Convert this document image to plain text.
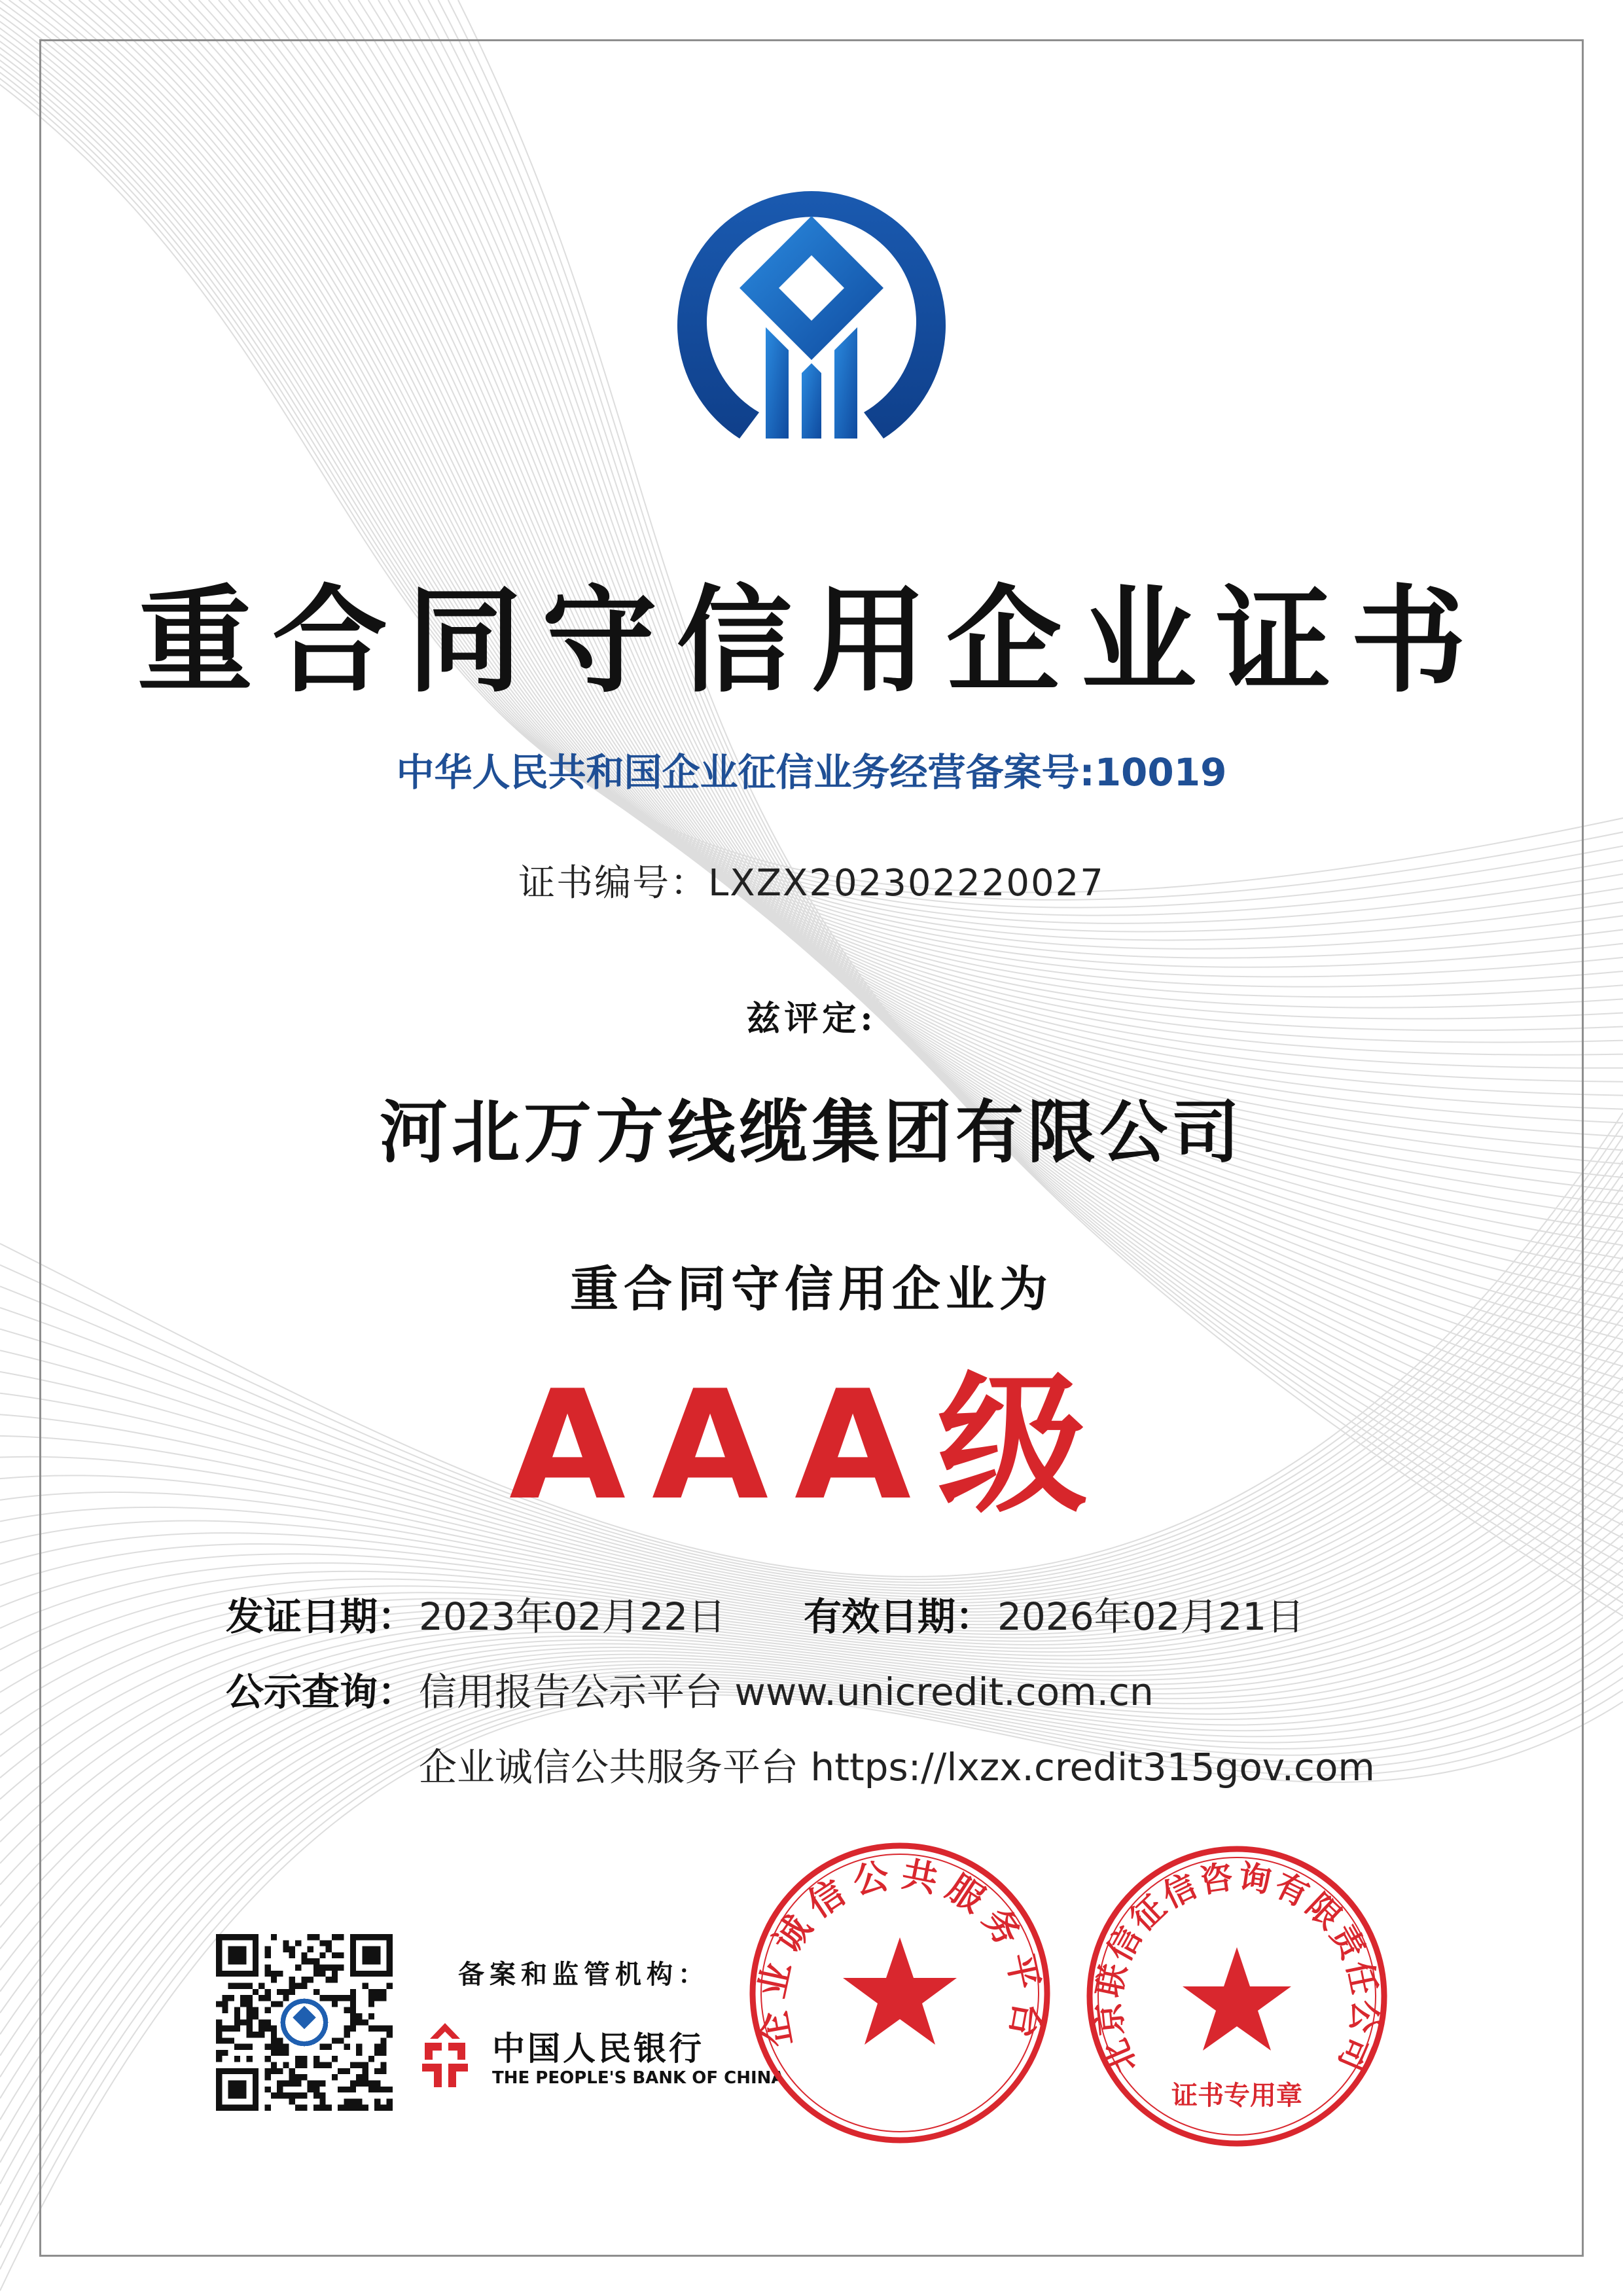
重合同守信用企业证书
中华人民共和国企业征信业务经营备案号:10019
证书编号：LXZX202302220027
兹评定:
河北万方线缆集团有限公司
重合同守信用企业为
AAA级
发证日期： 2023年02月22日 有效日期： 2026年02月21日
公示查询： 信用报告公示平台 www.unicredit.com.cn
企业诚信公共服务平台 https://lxzx.credit315gov.com
备案和监管机构：
中国人民银行
THE PEOPLE'S BANK OF CHINA
企业诚信公共服务平台
北京联信征信咨询有限责任公司
证书专用章
